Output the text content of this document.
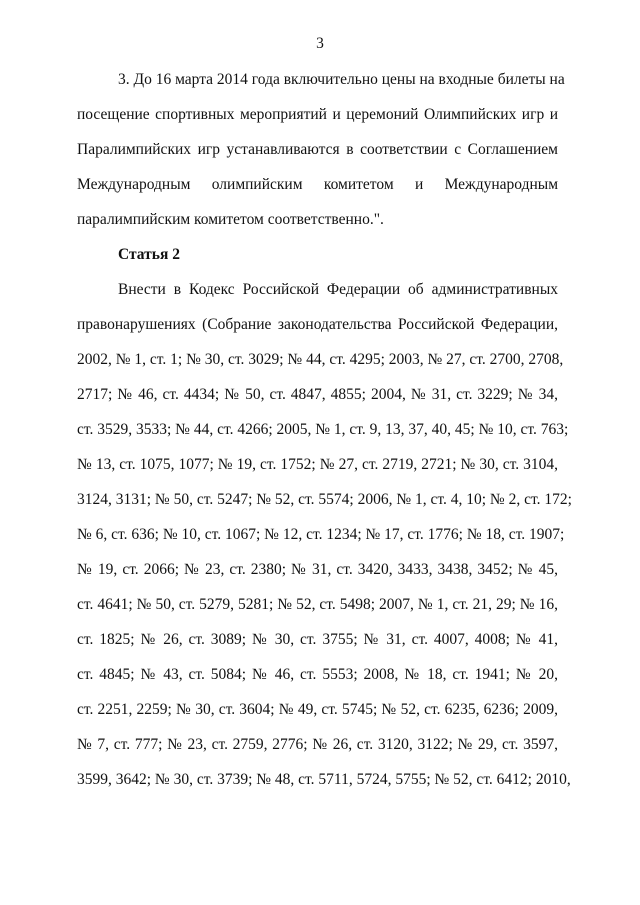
3
3. До 16 марта 2014 года включительно цены на входные билеты на
посещение спортивных мероприятий и церемоний Олимпийских игр и
Паралимпийских игр устанавливаются в соответствии с Соглашением
Международным олимпийским комитетом и Международным
паралимпийским комитетом соответственно.".
Статья 2
Внести в Кодекс Российской Федерации об административных
правонарушениях (Собрание законодательства Российской Федерации,
2002, № 1, ст. 1; № 30, ст. 3029; № 44, ст. 4295; 2003, № 27, ст. 2700, 2708,
2717; № 46, ст. 4434; № 50, ст. 4847, 4855; 2004, № 31, ст. 3229; № 34,
ст. 3529, 3533; № 44, ст. 4266; 2005, № 1, ст. 9, 13, 37, 40, 45; № 10, ст. 763;
№ 13, ст. 1075, 1077; № 19, ст. 1752; № 27, ст. 2719, 2721; № 30, ст. 3104,
3124, 3131; № 50, ст. 5247; № 52, ст. 5574; 2006, № 1, ст. 4, 10; № 2, ст. 172;
№ 6, ст. 636; № 10, ст. 1067; № 12, ст. 1234; № 17, ст. 1776; № 18, ст. 1907;
№ 19, ст. 2066; № 23, ст. 2380; № 31, ст. 3420, 3433, 3438, 3452; № 45,
ст. 4641; № 50, ст. 5279, 5281; № 52, ст. 5498; 2007, № 1, ст. 21, 29; № 16,
ст. 1825; № 26, ст. 3089; № 30, ст. 3755; № 31, ст. 4007, 4008; № 41,
ст. 4845; № 43, ст. 5084; № 46, ст. 5553; 2008, № 18, ст. 1941; № 20,
ст. 2251, 2259; № 30, ст. 3604; № 49, ст. 5745; № 52, ст. 6235, 6236; 2009,
№ 7, ст. 777; № 23, ст. 2759, 2776; № 26, ст. 3120, 3122; № 29, ст. 3597,
3599, 3642; № 30, ст. 3739; № 48, ст. 5711, 5724, 5755; № 52, ст. 6412; 2010,
